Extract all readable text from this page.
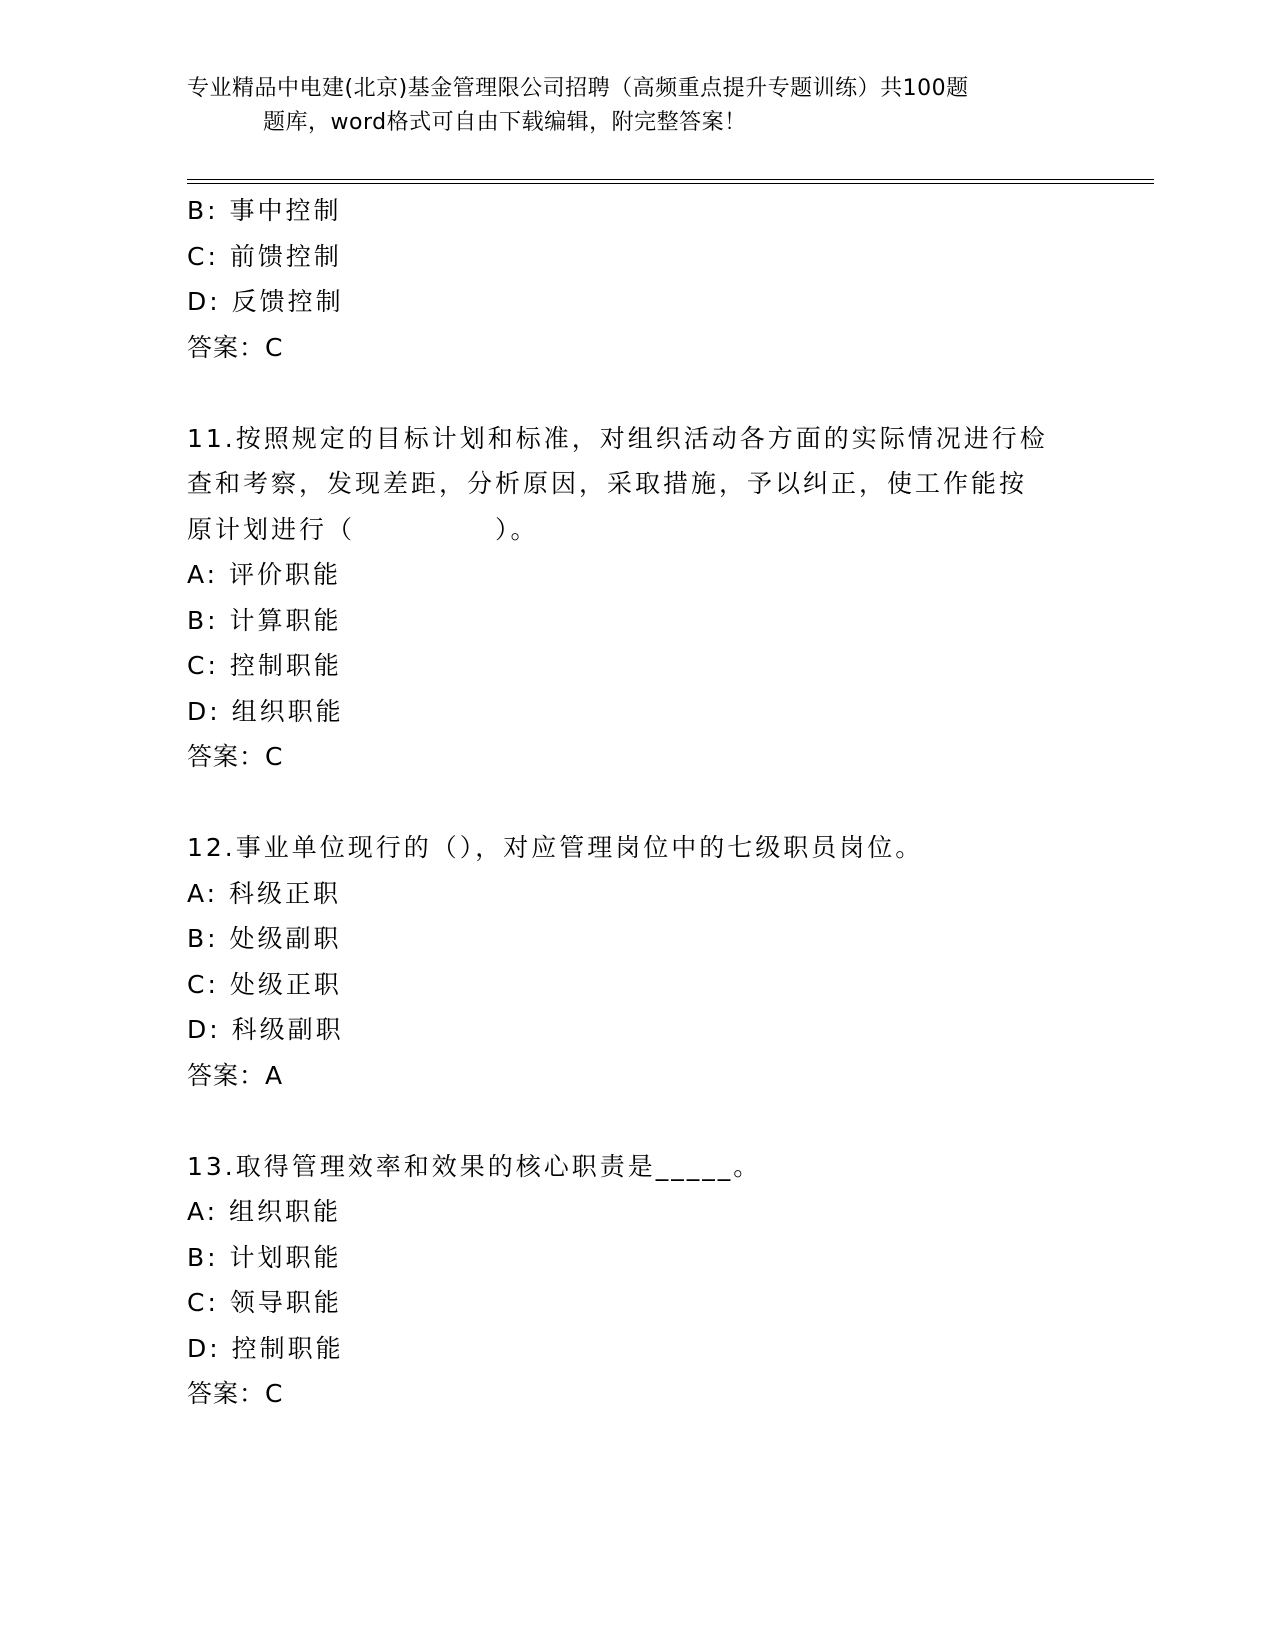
专业精品中电建(北京)基金管理限公司招聘（高频重点提升专题训练）共100题
题库，word格式可自由下载编辑，附完整答案！
B: 事中控制
C: 前馈控制
D: 反馈控制
答案：C
11.按照规定的目标计划和标准，对组织活动各方面的实际情况进行检
查和考察，发现差距，分析原因，采取措施，予以纠正，使工作能按
原计划进行（　　　　　）。
A: 评价职能
B: 计算职能
C: 控制职能
D: 组织职能
答案：C
12.事业单位现行的（），对应管理岗位中的七级职员岗位。
A: 科级正职
B: 处级副职
C: 处级正职
D: 科级副职
答案：A
13.取得管理效率和效果的核心职责是_____。
A: 组织职能
B: 计划职能
C: 领导职能
D: 控制职能
答案：C
